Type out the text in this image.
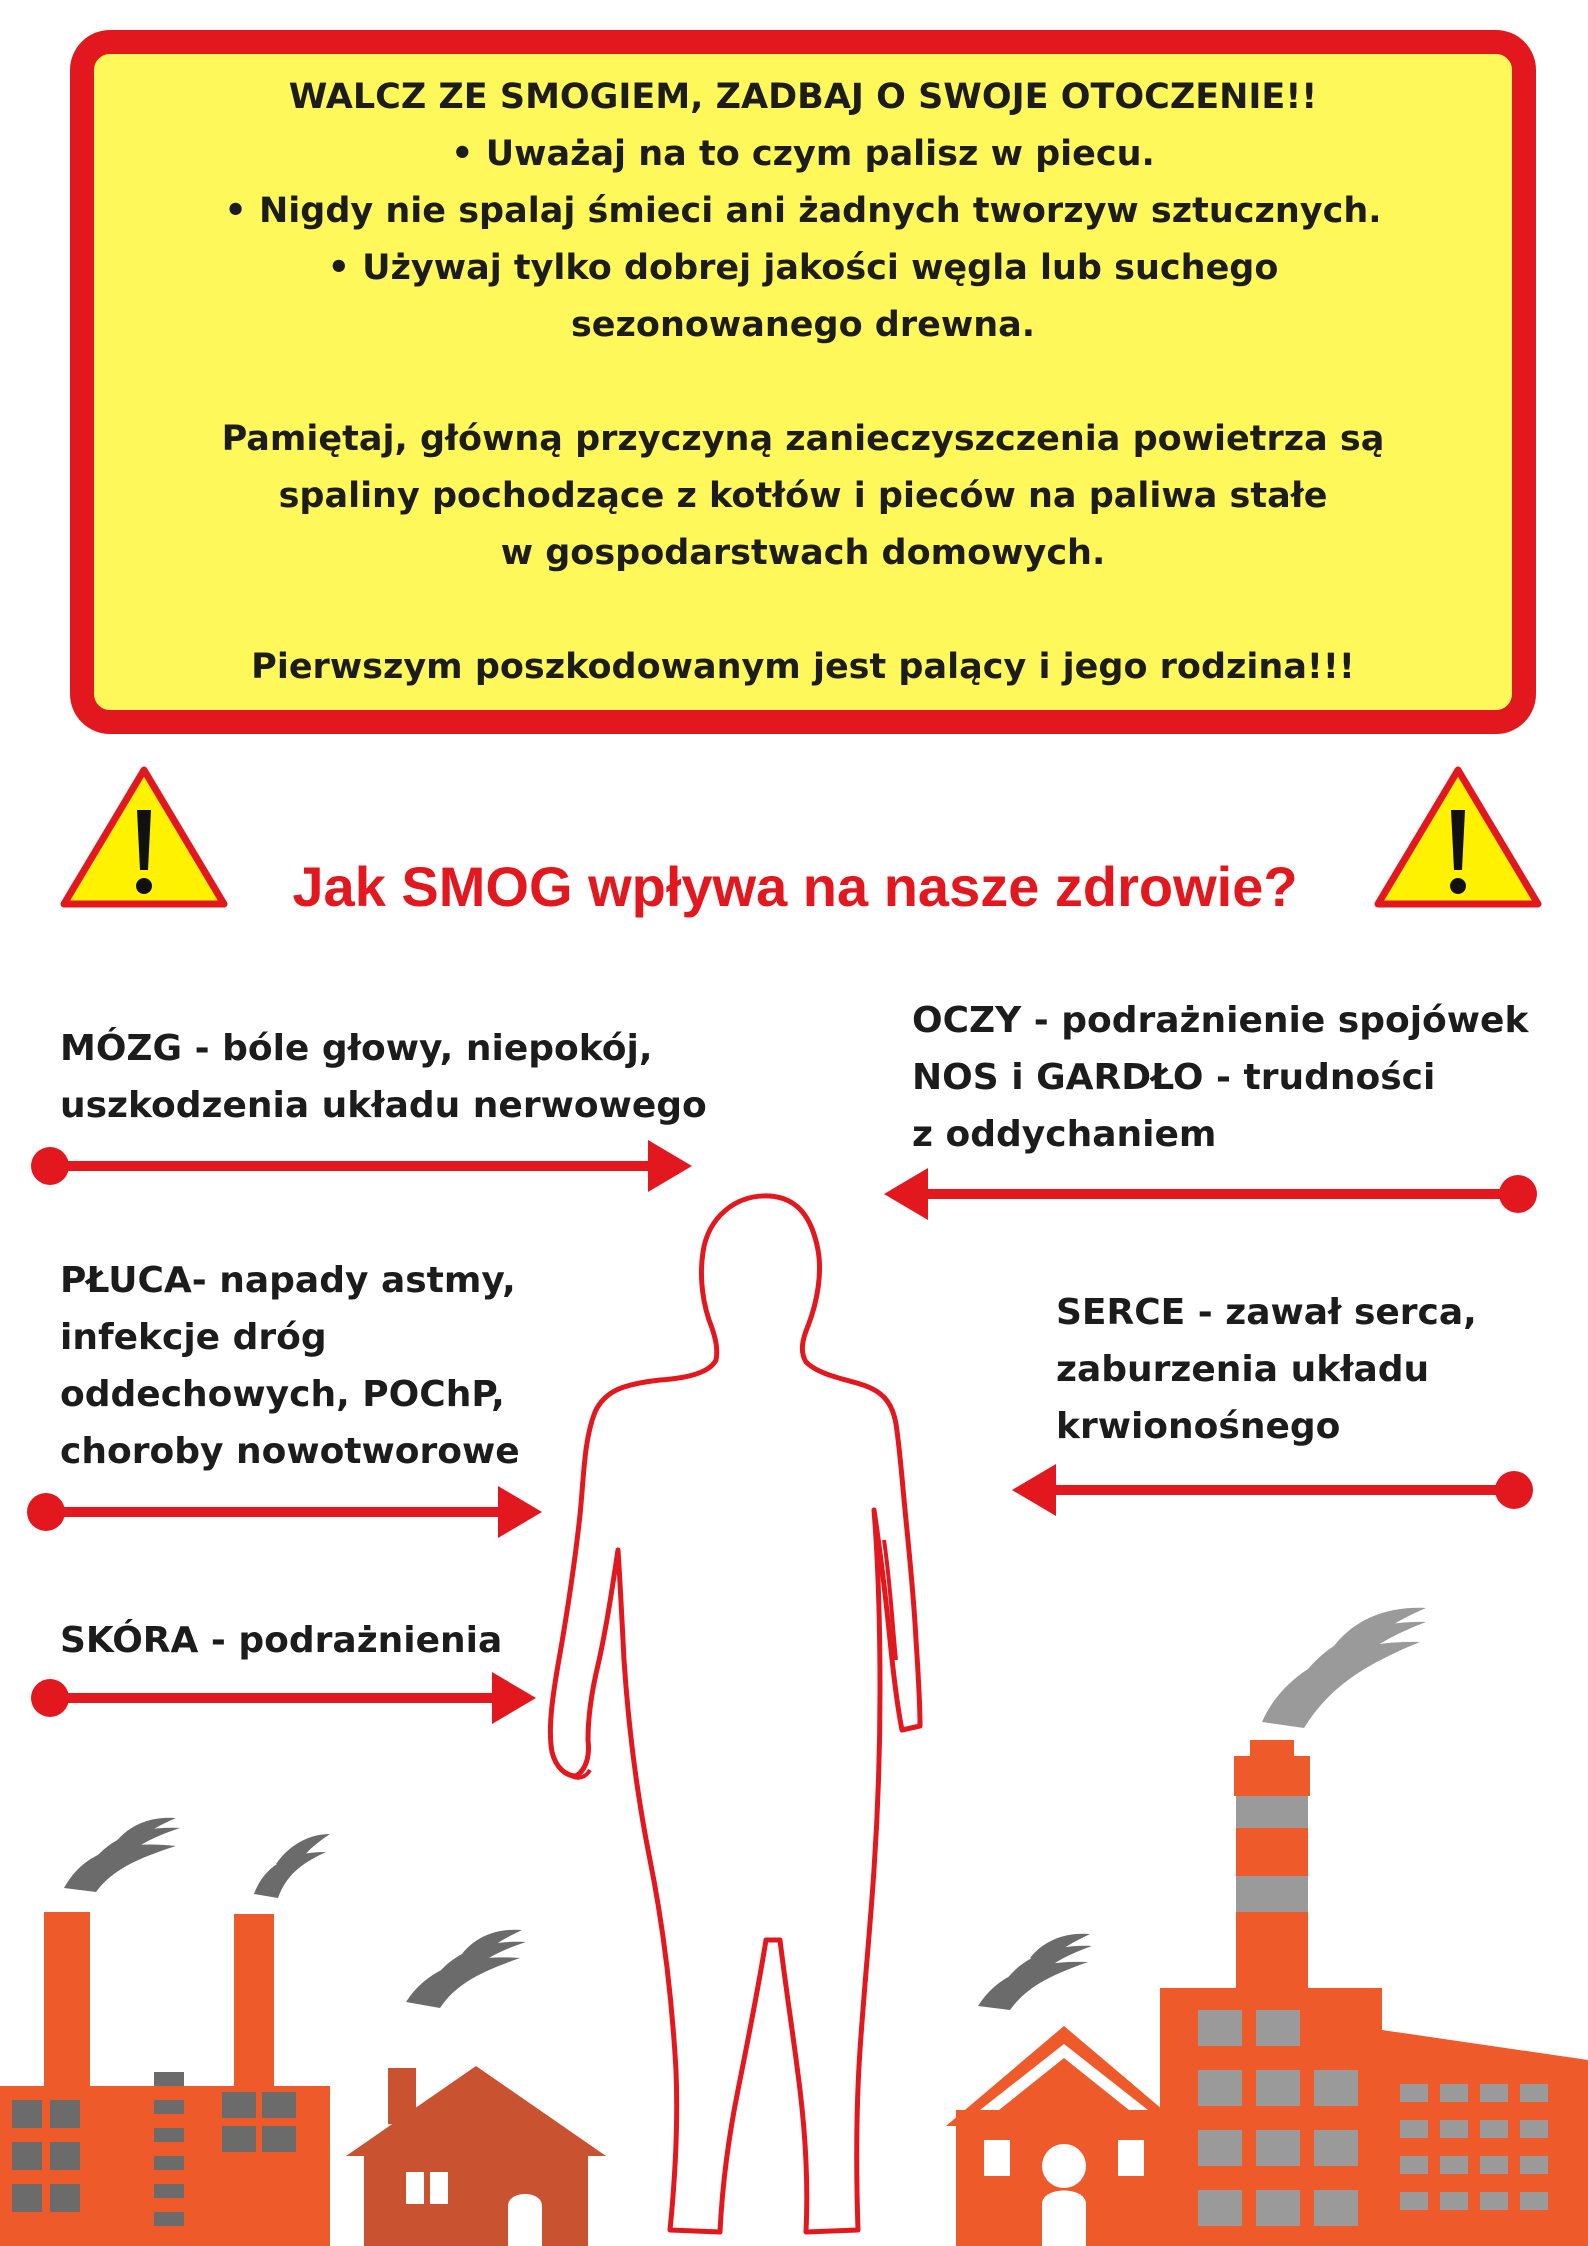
WALCZ ZE SMOGIEM, ZADBAJ O SWOJE OTOCZENIE!!
• Uważaj na to czym palisz w piecu.
• Nigdy nie spalaj śmieci ani żadnych tworzyw sztucznych.
• Używaj tylko dobrej jakości węgla lub suchego
sezonowanego drewna.
Pamiętaj, główną przyczyną zanieczyszczenia powietrza są
spaliny pochodzące z kotłów i pieców na paliwa stałe
w gospodarstwach domowych.
Pierwszym poszkodowanym jest palący i jego rodzina!!!
Jak SMOG wpływa na nasze zdrowie?
MÓZG - bóle głowy, niepokój,
uszkodzenia układu nerwowego
OCZY - podrażnienie spojówek
NOS i GARDŁO - trudności
z oddychaniem
PŁUCA- napady astmy,
infekcje dróg
oddechowych, POChP,
choroby nowotworowe
SERCE - zawał serca,
zaburzenia układu
krwionośnego
SKÓRA - podrażnienia
